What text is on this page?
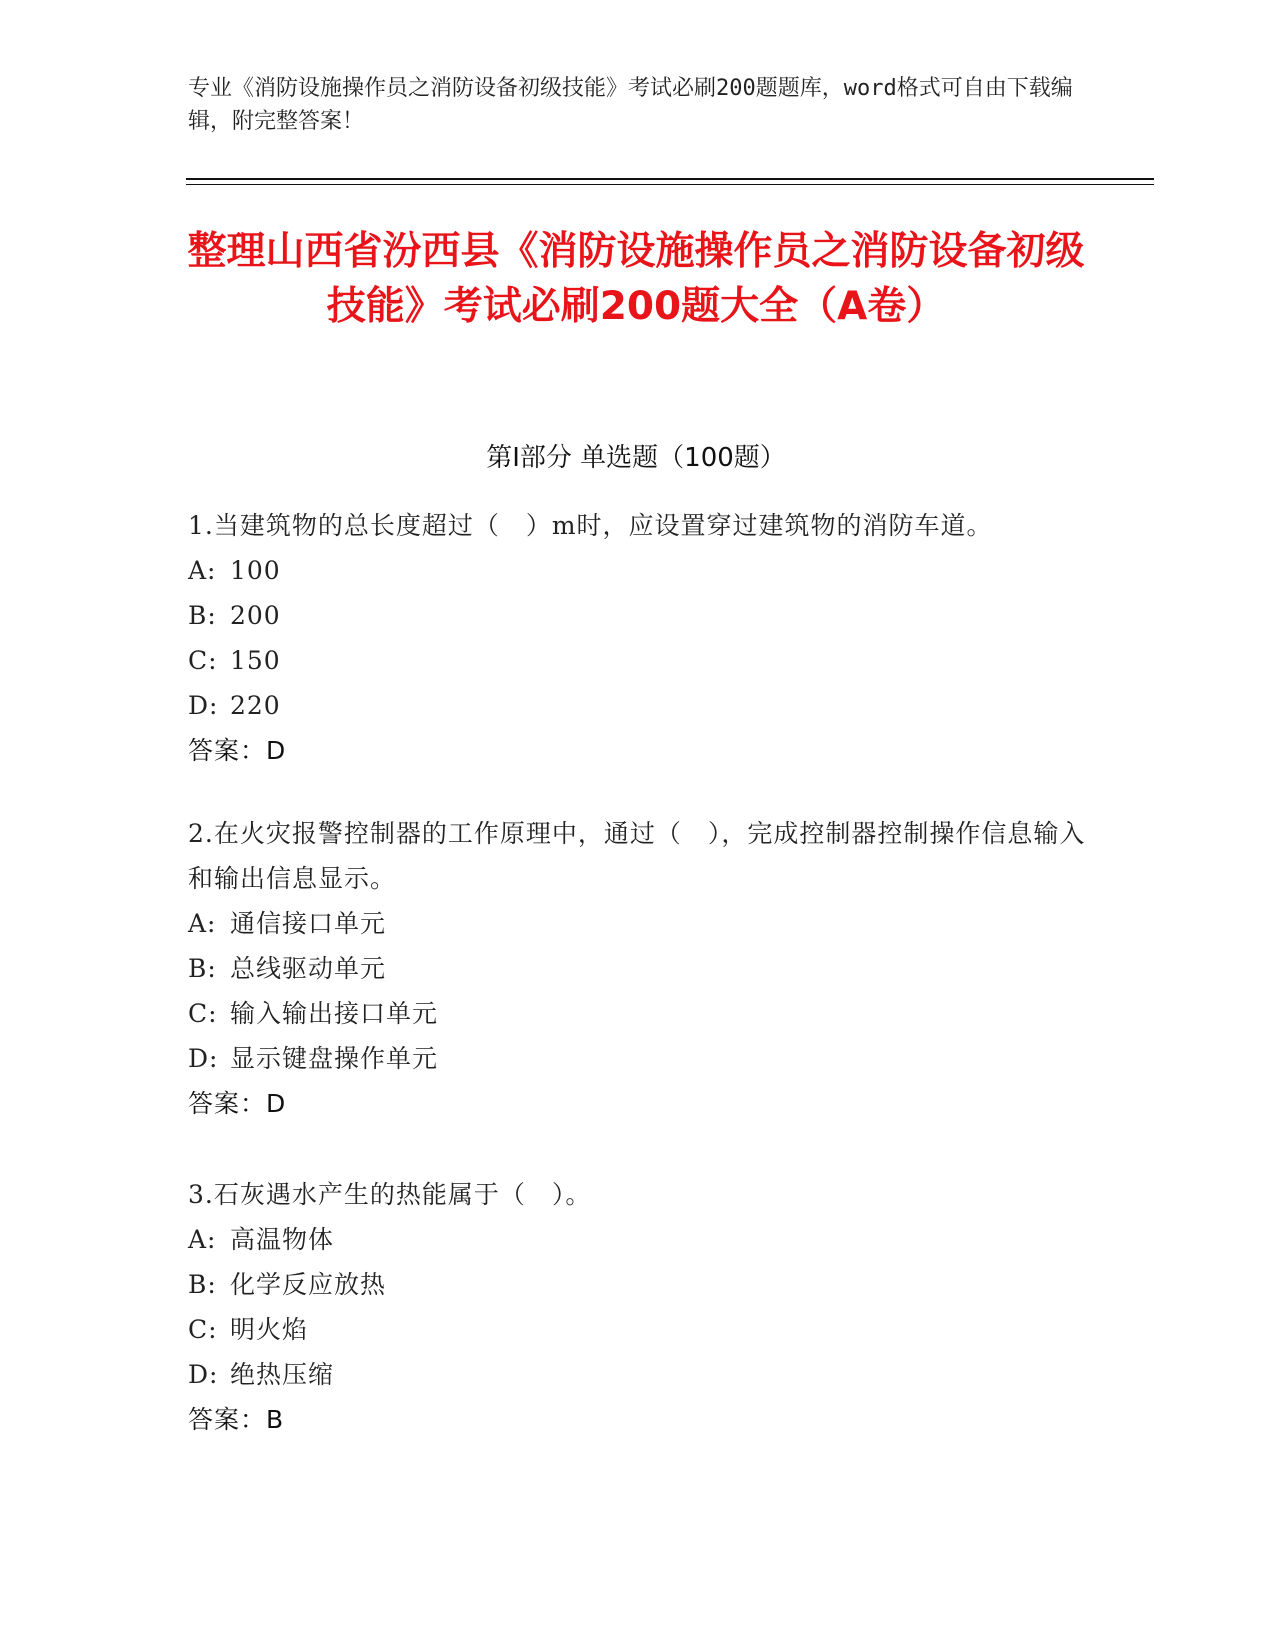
专业《消防设施操作员之消防设备初级技能》考试必刷200题题库，word格式可自由下载编辑，附完整答案！
整理山西省汾西县《消防设施操作员之消防设备初级技能》考试必刷200题大全（A卷）
第I部分 单选题（100题）
1.当建筑物的总长度超过（　）m时，应设置穿过建筑物的消防车道。
A: 100
B: 200
C: 150
D: 220
答案：D
2.在火灾报警控制器的工作原理中，通过（　），完成控制器控制操作信息输入和输出信息显示。
A: 通信接口单元
B: 总线驱动单元
C: 输入输出接口单元
D: 显示键盘操作单元
答案：D
3.石灰遇水产生的热能属于（　）。
A: 高温物体
B: 化学反应放热
C: 明火焰
D: 绝热压缩
答案：B
